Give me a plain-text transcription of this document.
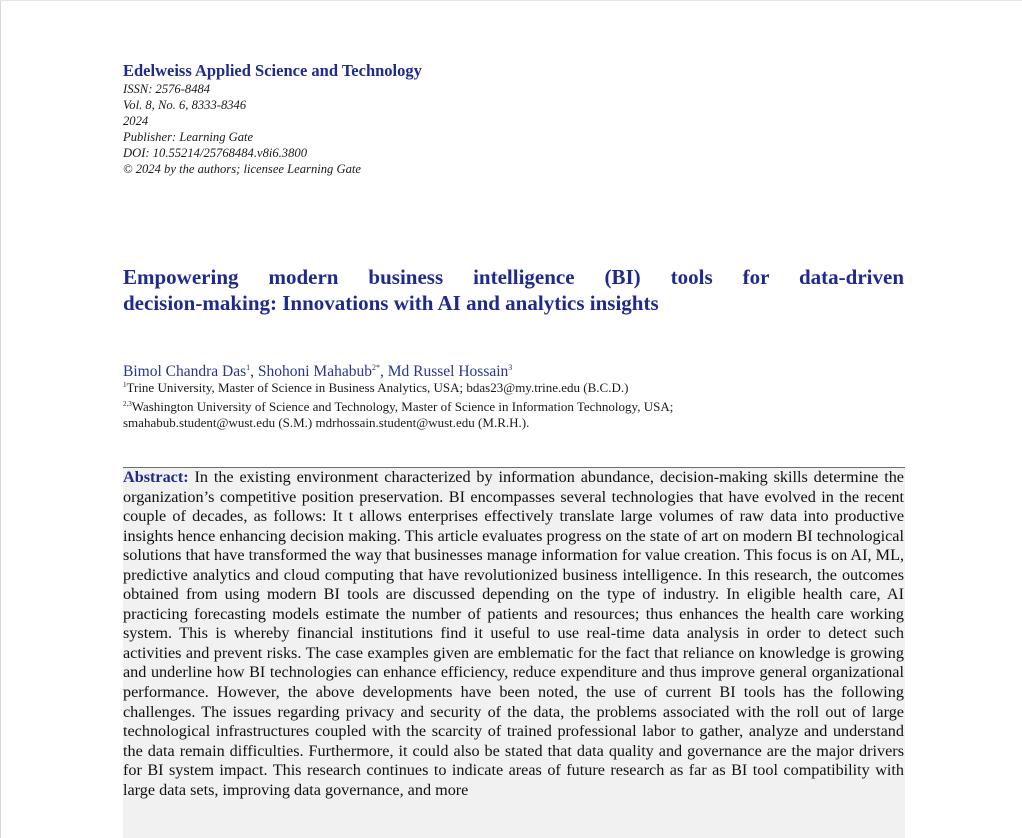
Edelweiss Applied Science and Technology
ISSN: 2576-8484
Vol. 8, No. 6, 8333-8346
2024
Publisher: Learning Gate
DOI: 10.55214/25768484.v8i6.3800
© 2024 by the authors; licensee Learning Gate
Empowering modern business intelligence (BI) tools for data-driven
decision-making: Innovations with AI and analytics insights
Bimol Chandra Das$^1$, Shohoni Mahabub$^{2*}$, Md Russel Hossain$^3$
$^1$Trine University, Master of Science in Business Analytics, USA; bdas23@my.trine.edu (B.C.D.)
$^{2,3}$Washington University of Science and Technology, Master of Science in Information Technology, USA;
smahabub.student@wust.edu (S.M.) mdrhossain.student@wust.edu (M.R.H.).

Abstract: In the existing environment characterized by information abundance, decision-making skills determine the organization’s competitive position preservation. BI encompasses several technologies that have evolved in the recent couple of decades, as follows: It t allows enterprises effectively translate large volumes of raw data into productive insights hence enhancing decision making. This article evaluates progress on the state of art on modern BI technological solutions that have transformed the way that businesses manage information for value creation. This focus is on AI, ML, predictive analytics and cloud computing that have revolutionized business intelligence. In this research, the outcomes obtained from using modern BI tools are discussed depending on the type of industry. In eligible health care, AI practicing forecasting models estimate the number of patients and resources; thus enhances the health care working system. This is whereby financial institutions find it useful to use real-time data analysis in order to detect such activities and prevent risks. The case examples given are emblematic for the fact that reliance on knowledge is growing and underline how BI technologies can enhance efficiency, reduce expenditure and thus improve general organizational performance. However, the above developments have been noted, the use of current BI tools has the following challenges. The issues regarding privacy and security of the data, the problems associated with the roll out of large technological infrastructures coupled with the scarcity of trained professional labor to gather, analyze and understand the data remain difficulties. Furthermore, it could also be stated that data quality and governance are the major drivers for BI system impact. This research continues to indicate areas of future research as far as BI tool compatibility with large data sets, improving data governance, and more
